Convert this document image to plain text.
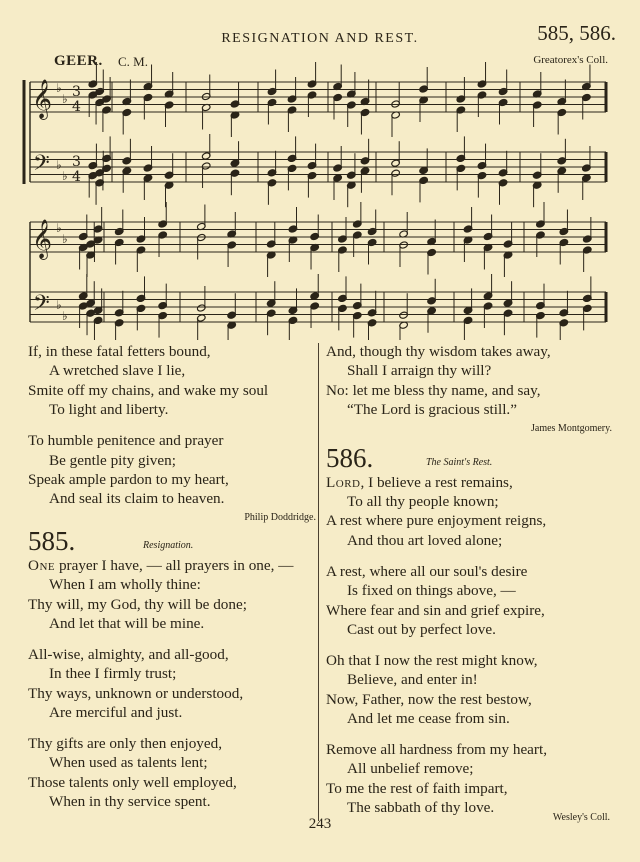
RESIGNATION AND REST.	585, 586.
GEER. C. M.	Greatorex's Coll.
𝄞
𝄢
♭
♭
♭
♭
3
4
3
4
𝄞
𝄢
♭
♭
♭
♭
If, in these fatal fetters bound,
A wretched slave I lie,
Smite off my chains, and wake my soul
To light and liberty.
To humble penitence and prayer
Be gentle pity given;
Speak ample pardon to my heart,
And seal its claim to heaven.
Philip Doddridge.
585.	Resignation.
One prayer I have, — all prayers in one, —
When I am wholly thine:
Thy will, my God, thy will be done;
And let that will be mine.
All-wise, almighty, and all-good,
In thee I firmly trust;
Thy ways, unknown or understood,
Are merciful and just.
Thy gifts are only then enjoyed,
When used as talents lent;
Those talents only well employed,
When in thy service spent.
And, though thy wisdom takes away,
Shall I arraign thy will?
No: let me bless thy name, and say,
“The Lord is gracious still.”
James Montgomery.
586.	The Saint's Rest.
Lord, I believe a rest remains,
To all thy people known;
A rest where pure enjoyment reigns,
And thou art loved alone;
A rest, where all our soul's desire
Is fixed on things above, —
Where fear and sin and grief expire,
Cast out by perfect love.
Oh that I now the rest might know,
Believe, and enter in!
Now, Father, now the rest bestow,
And let me cease from sin.
Remove all hardness from my heart,
All unbelief remove;
To me the rest of faith impart,
The sabbath of thy love.
243	Wesley's Coll.
